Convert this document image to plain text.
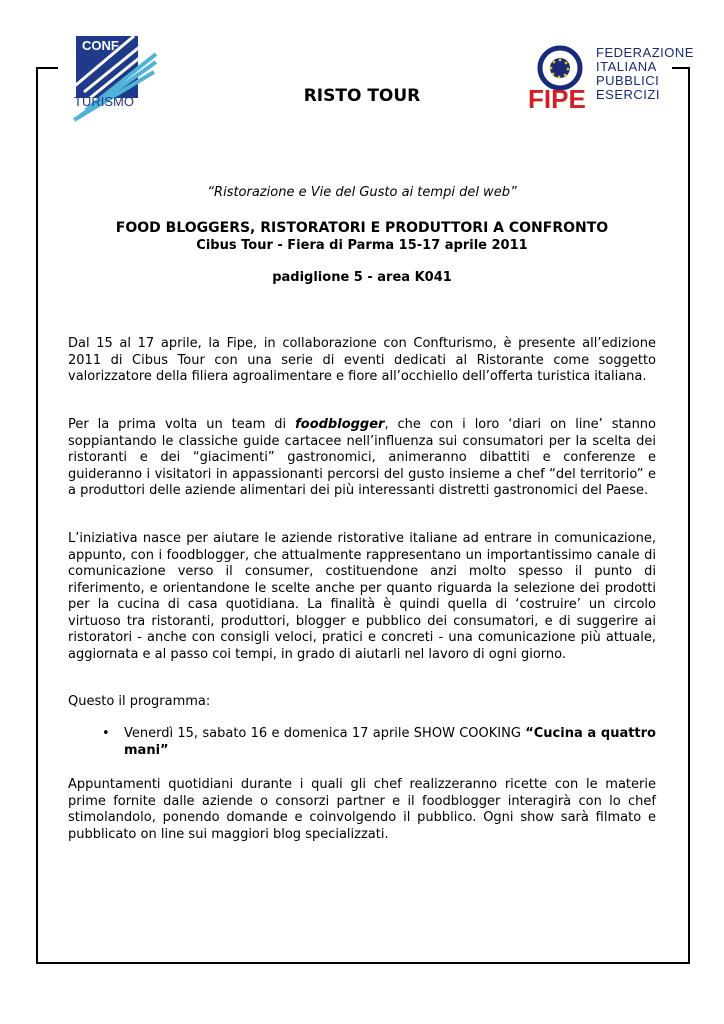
CONF
TURISMO	FIPE
FEDERAZIONE
ITALIANA
PUBBLICI
ESERCIZI
RISTO TOUR
“Ristorazione e Vie del Gusto ai tempi del web”
FOOD BLOGGERS, RISTORATORI E PRODUTTORI A CONFRONTO
Cibus Tour - Fiera di Parma 15-17 aprile 2011
padiglione 5 - area K041
Dal 15 al 17 aprile, la Fipe, in collaborazione con Confturismo, è presente all’edizione 2011 di Cibus Tour con una serie di eventi dedicati al Ristorante come soggetto valorizzatore della filiera agroalimentare e fiore all’occhiello dell’offerta turistica italiana.
Per la prima volta un team di foodblogger, che con i loro ‘diari on line’ stanno soppiantando le classiche guide cartacee nell’influenza sui consumatori per la scelta dei ristoranti e dei “giacimenti” gastronomici, animeranno dibattiti e conferenze e guideranno i visitatori in appassionanti percorsi del gusto insieme a chef “del territorio” e a produttori delle aziende alimentari dei più interessanti distretti gastronomici del Paese.
L’iniziativa nasce per aiutare le aziende ristorative italiane ad entrare in comunicazione, appunto, con i foodblogger, che attualmente rappresentano un importantissimo canale di comunicazione verso il consumer, costituendone anzi molto spesso il punto di riferimento, e orientandone le scelte anche per quanto riguarda la selezione dei prodotti per la cucina di casa quotidiana. La finalità è quindi quella di ‘costruire’ un circolo virtuoso tra ristoranti, produttori, blogger e pubblico dei consumatori, e di suggerire ai ristoratori - anche con consigli veloci, pratici e concreti - una comunicazione più attuale, aggiornata e al passo coi tempi, in grado di aiutarli nel lavoro di ogni giorno.
Questo il programma:
• Venerdì 15, sabato 16 e domenica 17 aprile SHOW COOKING “Cucina a quattro mani”
Appuntamenti quotidiani durante i quali gli chef realizzeranno ricette con le materie prime fornite dalle aziende o consorzi partner e il foodblogger interagirà con lo chef stimolandolo, ponendo domande e coinvolgendo il pubblico. Ogni show sarà filmato e pubblicato on line sui maggiori blog specializzati.
